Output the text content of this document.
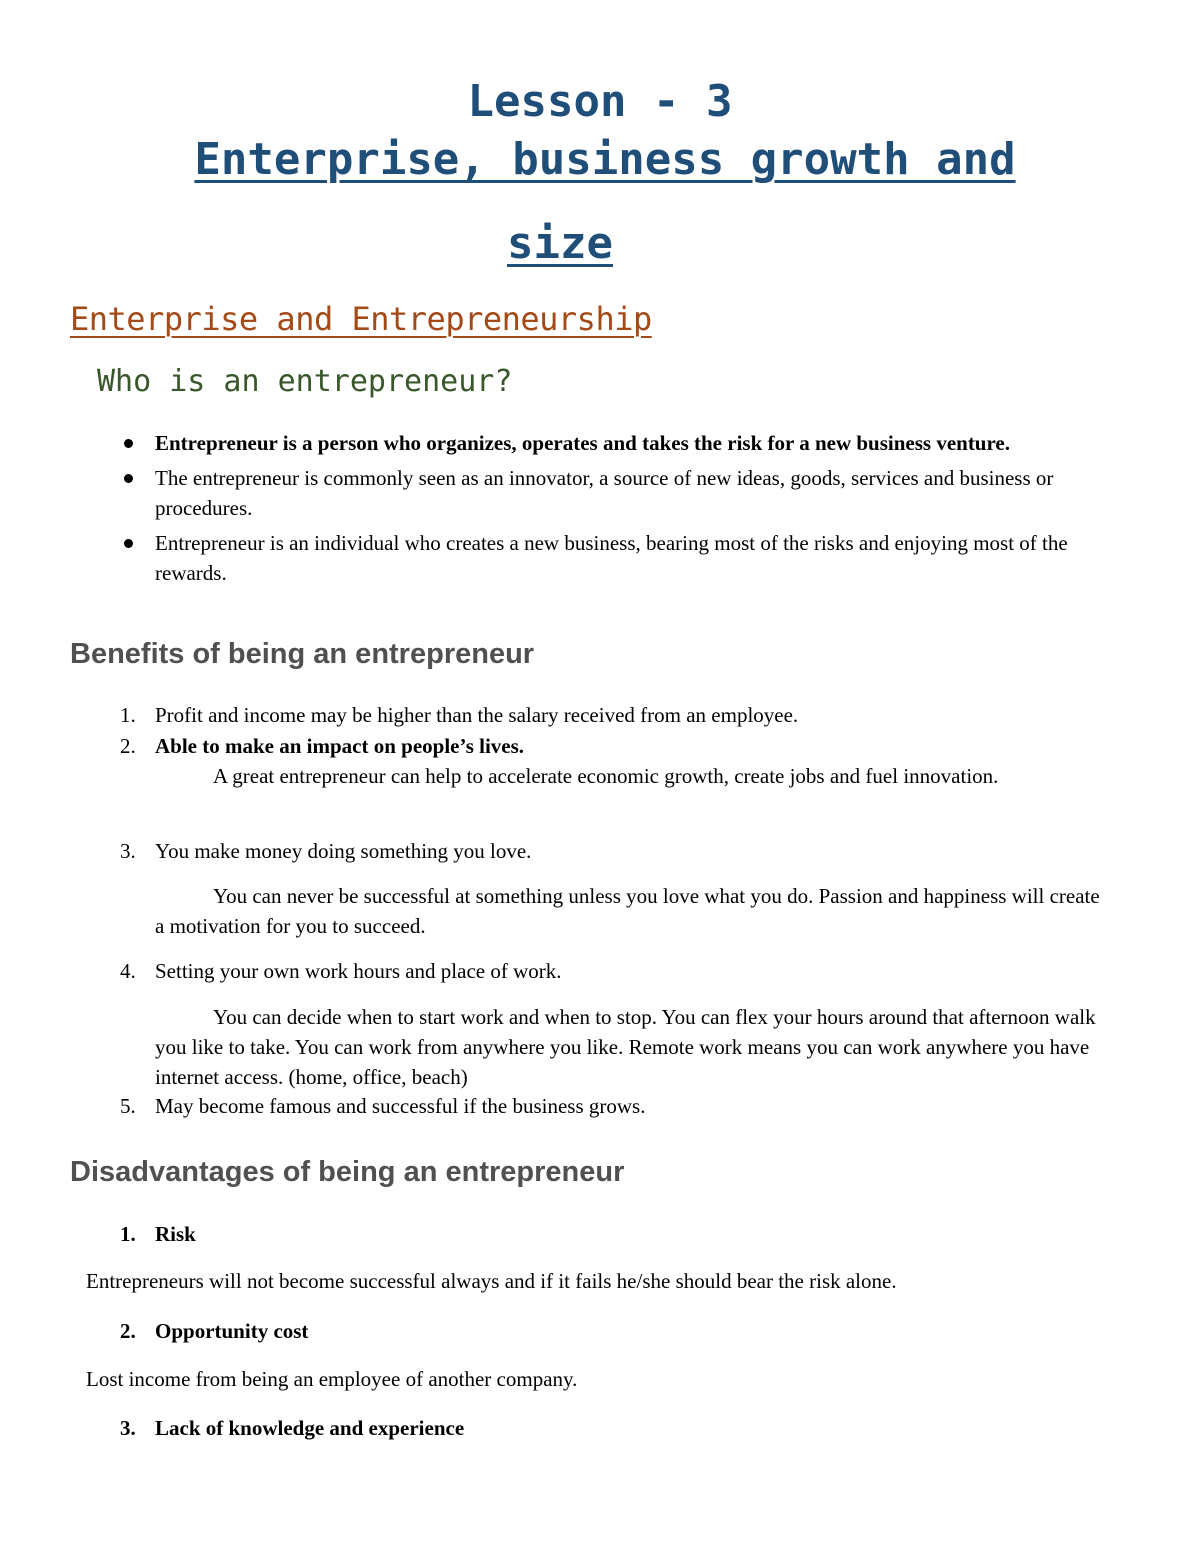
Lesson - 3
Enterprise, business growth and
size
Enterprise and Entrepreneurship
Who is an entrepreneur?
Entrepreneur is a person who organizes, operates and takes the risk for a new business venture.
The entrepreneur is commonly seen as an innovator, a source of new ideas, goods, services and business or procedures.
Entrepreneur is an individual who creates a new business, bearing most of the risks and enjoying most of the rewards.
Benefits of being an entrepreneur
1. Profit and income may be higher than the salary received from an employee.
2. Able to make an impact on people’s lives.
A great entrepreneur can help to accelerate economic growth, create jobs and fuel innovation.
3. You make money doing something you love.
You can never be successful at something unless you love what you do. Passion and happiness will create a motivation for you to succeed.
4. Setting your own work hours and place of work.
You can decide when to start work and when to stop. You can flex your hours around that afternoon walk you like to take. You can work from anywhere you like. Remote work means you can work anywhere you have internet access. (home, office, beach)
5. May become famous and successful if the business grows.
Disadvantages of being an entrepreneur
1. Risk
Entrepreneurs will not become successful always and if it fails he/she should bear the risk alone.
2. Opportunity cost
Lost income from being an employee of another company.
3. Lack of knowledge and experience
